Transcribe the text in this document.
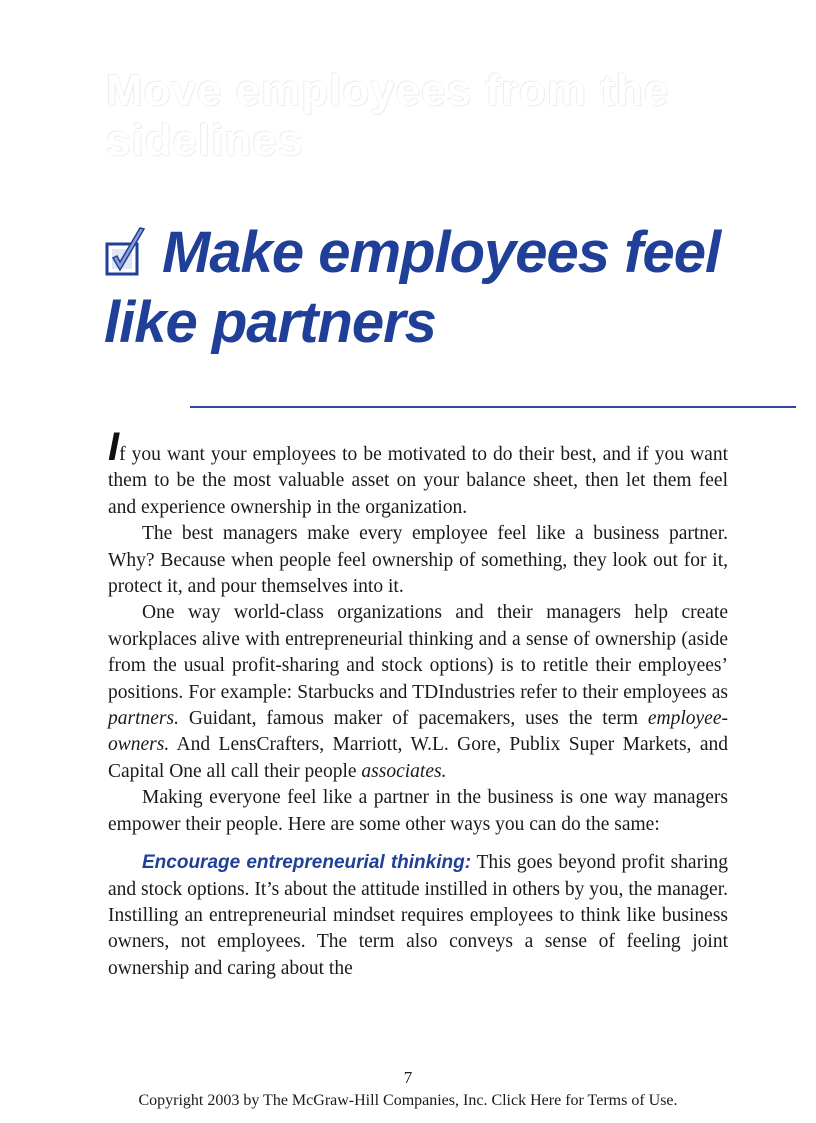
Move employees from the sidelines
Make employees feel
like partners

If you want your employees to be motivated to do their best, and if you want them to be the most valuable asset on your balance sheet, then let them feel and experience ownership in the organization.

The best managers make every employee feel like a business partner. Why? Because when people feel ownership of something, they look out for it, protect it, and pour themselves into it.

One way world-class organizations and their managers help create workplaces alive with entrepreneurial thinking and a sense of ownership (aside from the usual profit-sharing and stock options) is to retitle their employees’ positions. For example: Starbucks and TDIndustries refer to their employees as partners. Guidant, famous maker of pacemakers, uses the term employee-owners. And LensCrafters, Marriott, W.L. Gore, Publix Super Markets, and Capital One all call their people associates.

Making everyone feel like a partner in the business is one way managers empower their people. Here are some other ways you can do the same:

Encourage entrepreneurial thinking: This goes beyond profit sharing and stock options. It’s about the attitude instilled in others by you, the manager. Instilling an entrepreneurial mindset requires employees to think like business owners, not employees. The term also conveys a sense of feeling joint ownership and caring about the

7
Copyright 2003 by The McGraw-Hill Companies, Inc. Click Here for Terms of Use.
